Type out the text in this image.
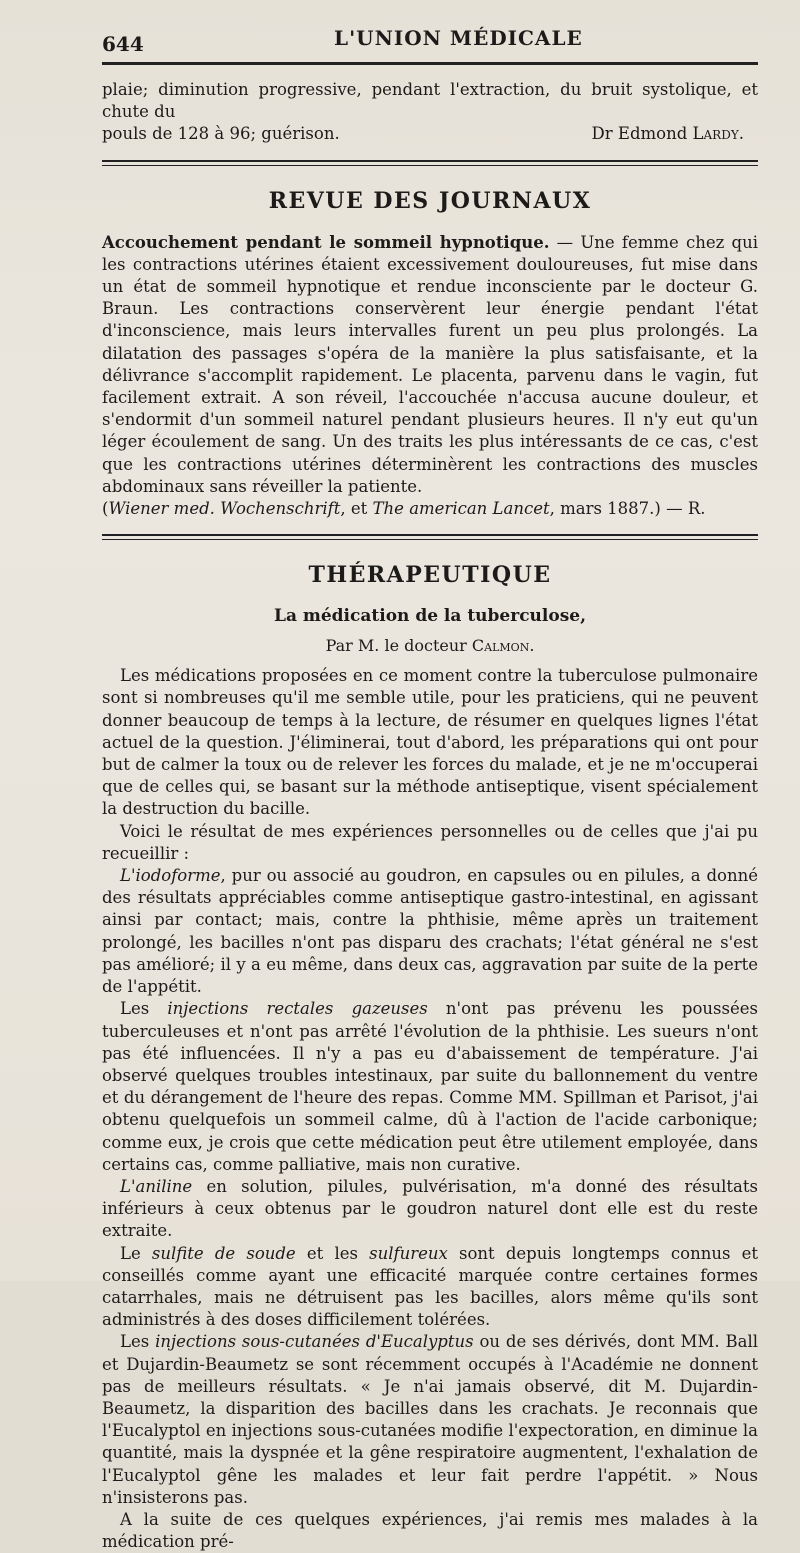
644	L'UNION MÉDICALE

plaie; diminution progressive, pendant l'extraction, du bruit systolique, et chute du

pouls de 128 à 96; guérison.	Dr Edmond Lardy.

REVUE DES JOURNAUX

Accouchement pendant le sommeil hypnotique. — Une femme chez qui les contractions utérines étaient excessivement douloureuses, fut mise dans un état de sommeil hypnotique et rendue inconsciente par le docteur G. Braun. Les contractions conservèrent leur énergie pendant l'état d'inconscience, mais leurs intervalles furent un peu plus prolongés. La dilatation des passages s'opéra de la manière la plus satisfaisante, et la délivrance s'accomplit rapidement. Le placenta, parvenu dans le vagin, fut facilement extrait. A son réveil, l'accouchée n'accusa aucune douleur, et s'endormit d'un sommeil naturel pendant plusieurs heures. Il n'y eut qu'un léger écoulement de sang. Un des traits les plus intéressants de ce cas, c'est que les contractions utérines déterminèrent les contractions des muscles abdominaux sans réveiller la patiente.
(Wiener med. Wochenschrift, et The american Lancet, mars 1887.) — R.

THÉRAPEUTIQUE
La médication de la tuberculose,
Par M. le docteur Calmon.

Les médications proposées en ce moment contre la tuberculose pulmonaire sont si nombreuses qu'il me semble utile, pour les praticiens, qui ne peuvent donner beaucoup de temps à la lecture, de résumer en quelques lignes l'état actuel de la question. J'éliminerai, tout d'abord, les préparations qui ont pour but de calmer la toux ou de relever les forces du malade, et je ne m'occuperai que de celles qui, se basant sur la méthode antiseptique, visent spécialement la destruction du bacille.

Voici le résultat de mes expériences personnelles ou de celles que j'ai pu recueillir :

L'iodoforme, pur ou associé au goudron, en capsules ou en pilules, a donné des résultats appréciables comme antiseptique gastro-intestinal, en agissant ainsi par contact; mais, contre la phthisie, même après un traitement prolongé, les bacilles n'ont pas disparu des crachats; l'état général ne s'est pas amélioré; il y a eu même, dans deux cas, aggravation par suite de la perte de l'appétit.

Les injections rectales gazeuses n'ont pas prévenu les poussées tuberculeuses et n'ont pas arrêté l'évolution de la phthisie. Les sueurs n'ont pas été influencées. Il n'y a pas eu d'abaissement de température. J'ai observé quelques troubles intestinaux, par suite du ballonnement du ventre et du dérangement de l'heure des repas. Comme MM. Spillman et Parisot, j'ai obtenu quelquefois un sommeil calme, dû à l'action de l'acide carbonique; comme eux, je crois que cette médication peut être utilement employée, dans certains cas, comme palliative, mais non curative.

L'aniline en solution, pilules, pulvérisation, m'a donné des résultats inférieurs à ceux obtenus par le goudron naturel dont elle est du reste extraite.

Le sulfite de soude et les sulfureux sont depuis longtemps connus et conseillés comme ayant une efficacité marquée contre certaines formes catarrhales, mais ne détruisent pas les bacilles, alors même qu'ils sont administrés à des doses difficilement tolérées.

Les injections sous-cutanées d'Eucalyptus ou de ses dérivés, dont MM. Ball et Dujardin-Beaumetz se sont récemment occupés à l'Académie ne donnent pas de meilleurs résultats. « Je n'ai jamais observé, dit M. Dujardin-Beaumetz, la disparition des bacilles dans les crachats. Je reconnais que l'Eucalyptol en injections sous-cutanées modifie l'expectoration, en diminue la quantité, mais la dyspnée et la gêne respiratoire augmentent, l'exhalation de l'Eucalyptol gêne les malades et leur fait perdre l'appétit. » Nous n'insisterons pas.

A la suite de ces quelques expériences, j'ai remis mes malades à la médication pré-
